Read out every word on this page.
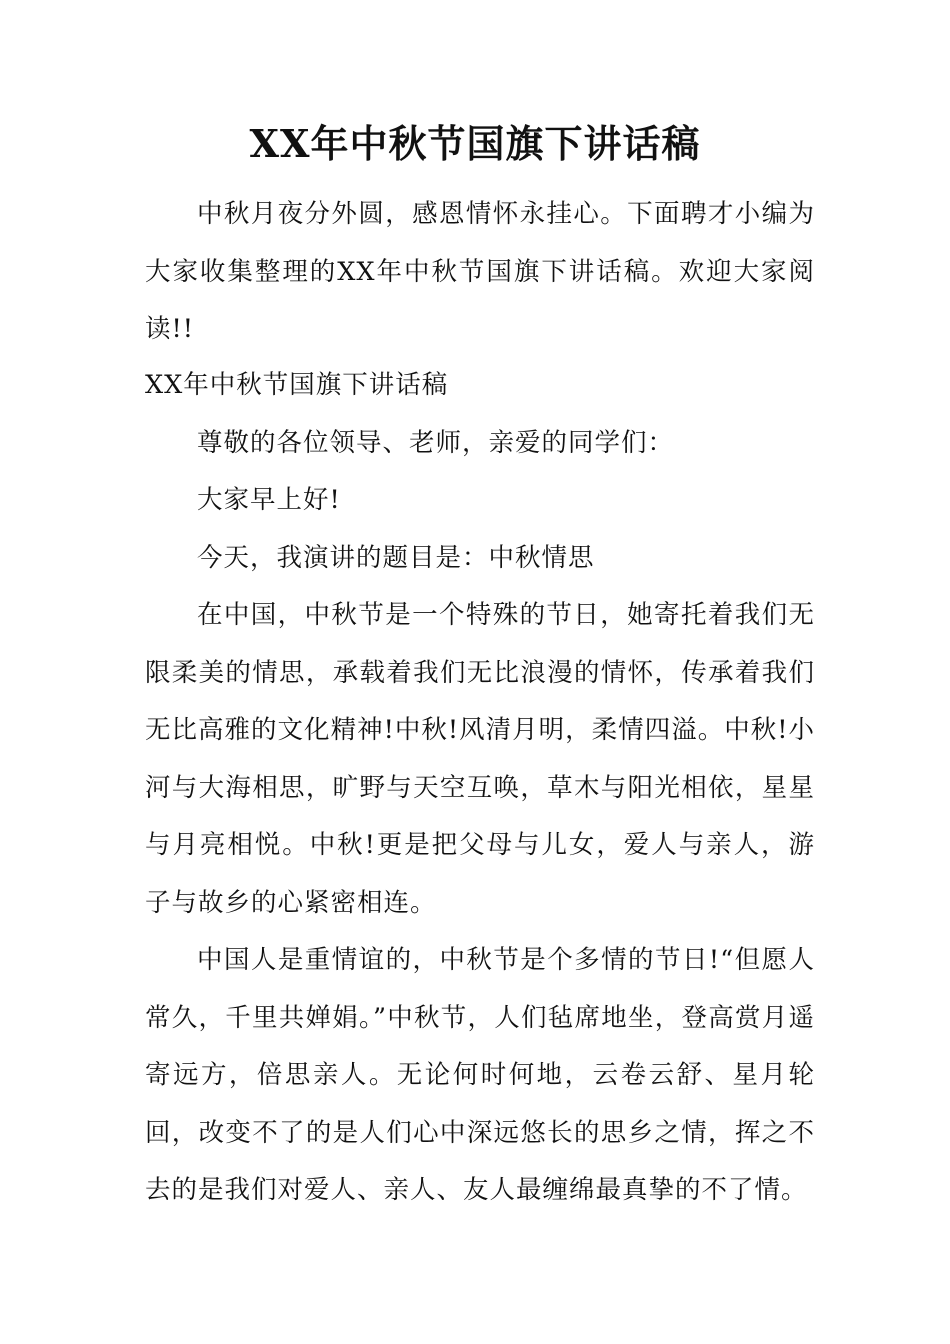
XX年中秋节国旗下讲话稿

中秋月夜分外圆，感恩情怀永挂心。下面聘才小编为大家收集整理的XX年中秋节国旗下讲话稿。欢迎大家阅读!!

XX年中秋节国旗下讲话稿

尊敬的各位领导、老师，亲爱的同学们：

大家早上好!

今天，我演讲的题目是：中秋情思

在中国，中秋节是一个特殊的节日，她寄托着我们无限柔美的情思，承载着我们无比浪漫的情怀，传承着我们无比高雅的文化精神!中秋!风清月明，柔情四溢。中秋!小河与大海相思，旷野与天空互唤，草木与阳光相依，星星与月亮相悦。中秋!更是把父母与儿女，爱人与亲人，游子与故乡的心紧密相连。

中国人是重情谊的，中秋节是个多情的节日!“但愿人常久，千里共婵娟。”中秋节，人们毡席地坐，登高赏月遥寄远方，倍思亲人。无论何时何地，云卷云舒、星月轮回，改变不了的是人们心中深远悠长的思乡之情，挥之不去的是我们对爱人、亲人、友人最缠绵最真挚的不了情。
